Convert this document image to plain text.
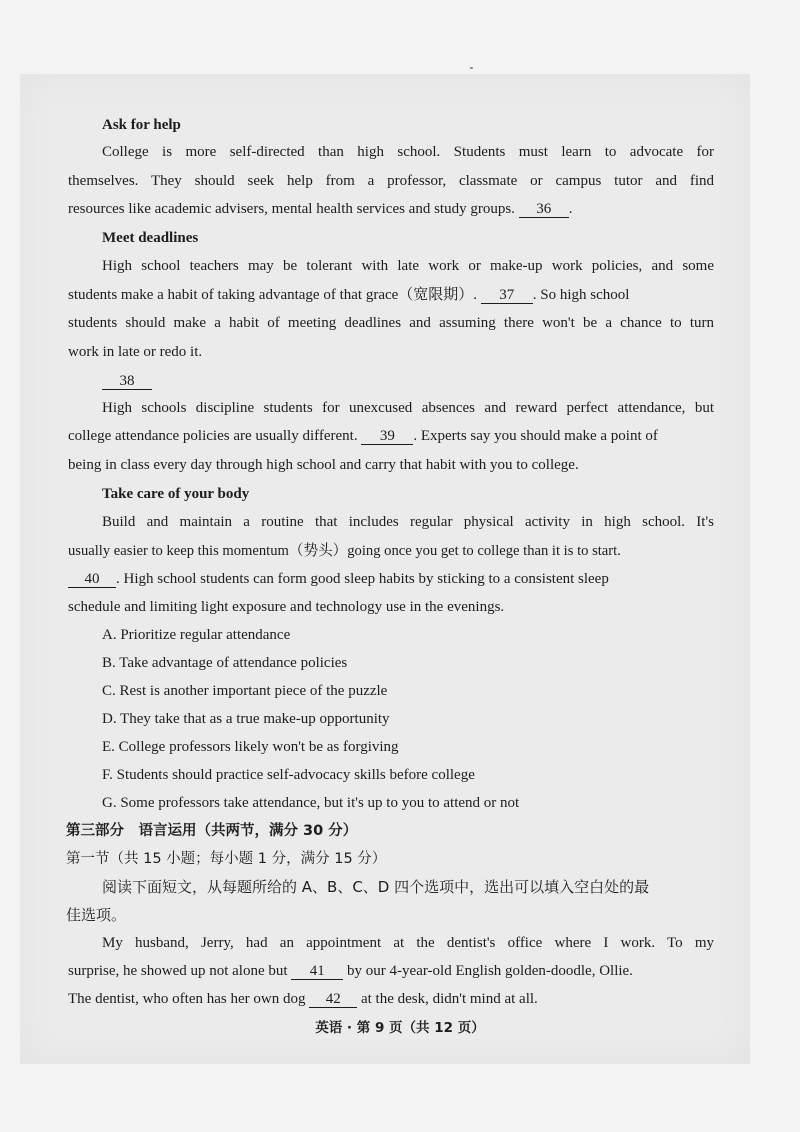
Ask for help
College is more self-directed than high school. Students must learn to advocate for
themselves. They should seek help from a professor, classmate or campus tutor and find
resources like academic advisers, mental health services and study groups. 36 .
Meet deadlines
High school teachers may be tolerant with late work or make-up work policies, and some
students make a habit of taking advantage of that grace（宽限期）. 37 . So high school
students should make a habit of meeting deadlines and assuming there won't be a chance to turn
work in late or redo it.
38
High schools discipline students for unexcused absences and reward perfect attendance, but
college attendance policies are usually different. 39 . Experts say you should make a point of
being in class every day through high school and carry that habit with you to college.
Take care of your body
Build and maintain a routine that includes regular physical activity in high school. It's
usually easier to keep this momentum（势头）going once you get to college than it is to start.
40 . High school students can form good sleep habits by sticking to a consistent sleep
schedule and limiting light exposure and technology use in the evenings.
A. Prioritize regular attendance
B. Take advantage of attendance policies
C. Rest is another important piece of the puzzle
D. They take that as a true make-up opportunity
E. College professors likely won't be as forgiving
F. Students should practice self-advocacy skills before college
G. Some professors take attendance, but it's up to you to attend or not
第三部分　语言运用（共两节，满分 30 分）
第一节（共 15 小题；每小题 1 分，满分 15 分）
阅读下面短文，从每题所给的 A、B、C、D 四个选项中，选出可以填入空白处的最
佳选项。
My husband, Jerry, had an appointment at the dentist's office where I work. To my
surprise, he showed up not alone but 41 by our 4-year-old English golden-doodle, Ollie.
The dentist, who often has her own dog 42 at the desk, didn't mind at all.
英语 · 第 9 页（共 12 页）
